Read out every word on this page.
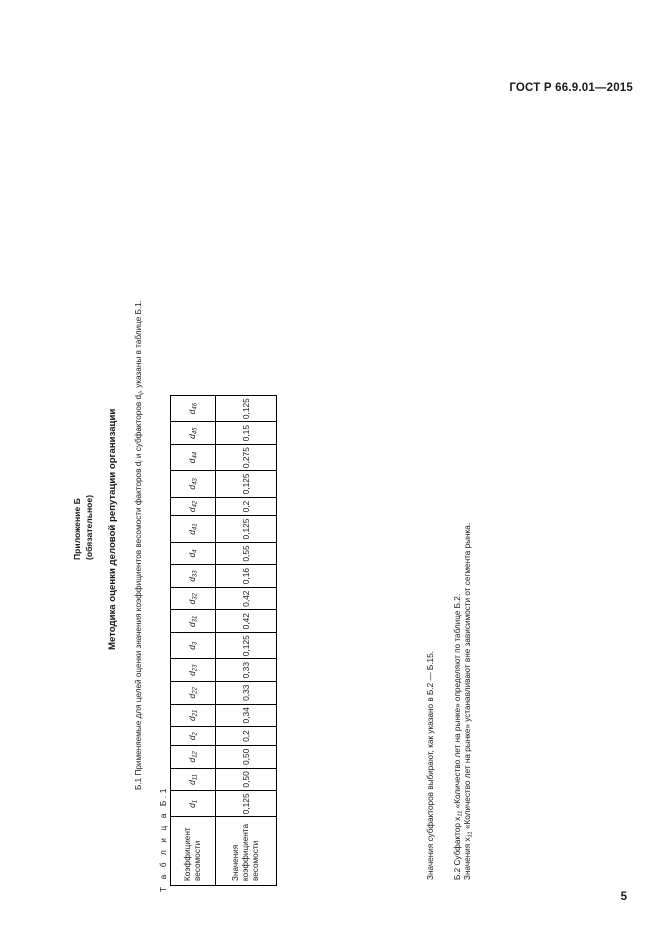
ГОСТ Р 66.9.01—2015
5
Приложение Б (обязательное) Методика оценки деловой репутации организации Б.1 Применяемые для целей оценки значения коэффициентов весомости факторов $d_i$ и субфакторов $d_{ij}$, указаны в таблице Б.1.
Т а б л и ц а Б.1 Коэффициент весомости	$d_1$	$d_{11}$	$d_{12}$	$d_2$	$d_{21}$	$d_{22}$	$d_{23}$	$d_3$	$d_{31}$	$d_{32}$	$d_{33}$	$d_4$	$d_{41}$	$d_{42}$	$d_{43}$	$d_{44}$	$d_{45}$	$d_{46}$

Значения коэффициента весомости	0,125	0,50	0,50	0,2	0,34	0,33	0,33	0,125	0,42	0,42	0,16	0,55	0,125	0,2	0,125	0,275	0,15	0,125
Значения субфакторов выбирают, как указано в Б.2 — Б.15. Б.2 Субфактор $x_{11}$ «Количество лет на рынке» определяют по таблице Б.2.
Значения $x_{11}$ «Количество лет на рынке» устанавливают вне зависимости от сегмента рынка.
